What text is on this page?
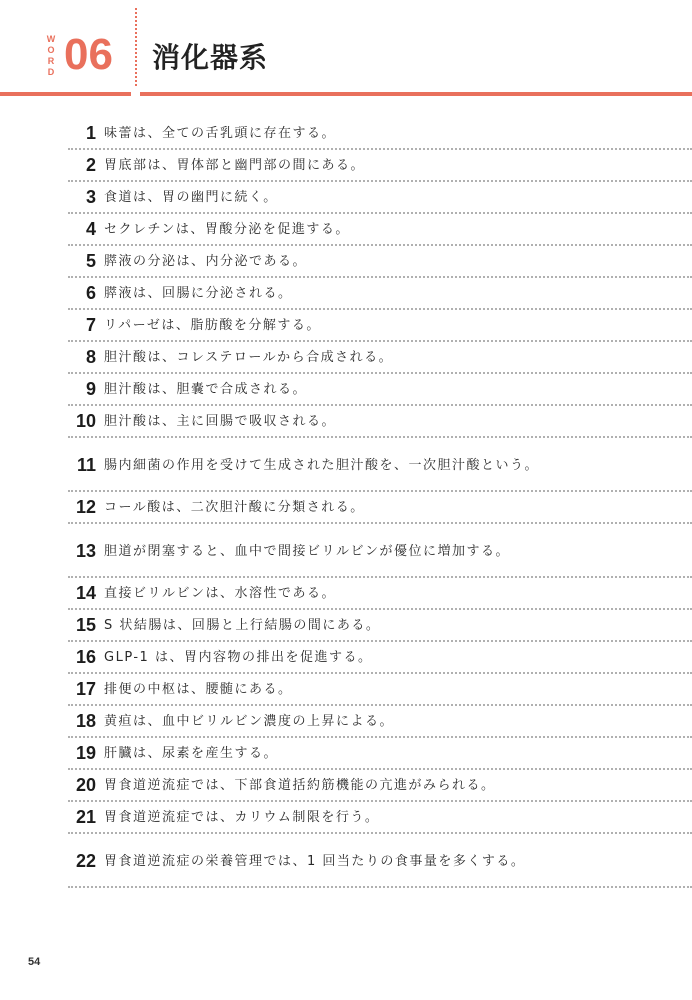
W
O
R
D 06 消化器系
1 味蕾は、全ての舌乳頭に存在する。
2 胃底部は、胃体部と幽門部の間にある。
3 食道は、胃の幽門に続く。
4 セクレチンは、胃酸分泌を促進する。
5 膵液の分泌は、内分泌である。
6 膵液は、回腸に分泌される。
7 リパーゼは、脂肪酸を分解する。
8 胆汁酸は、コレステロールから合成される。
9 胆汁酸は、胆嚢で合成される。
10 胆汁酸は、主に回腸で吸収される。
11 腸内細菌の作用を受けて生成された胆汁酸を、一次胆汁酸という。
12 コール酸は、二次胆汁酸に分類される。
13 胆道が閉塞すると、血中で間接ビリルビンが優位に増加する。
14 直接ビリルビンは、水溶性である。
15 S 状結腸は、回腸と上行結腸の間にある。
16 GLP-1 は、胃内容物の排出を促進する。
17 排便の中枢は、腰髄にある。
18 黄疸は、血中ビリルビン濃度の上昇による。
19 肝臓は、尿素を産生する。
20 胃食道逆流症では、下部食道括約筋機能の亢進がみられる。
21 胃食道逆流症では、カリウム制限を行う。
22 胃食道逆流症の栄養管理では、1 回当たりの食事量を多くする。
54
